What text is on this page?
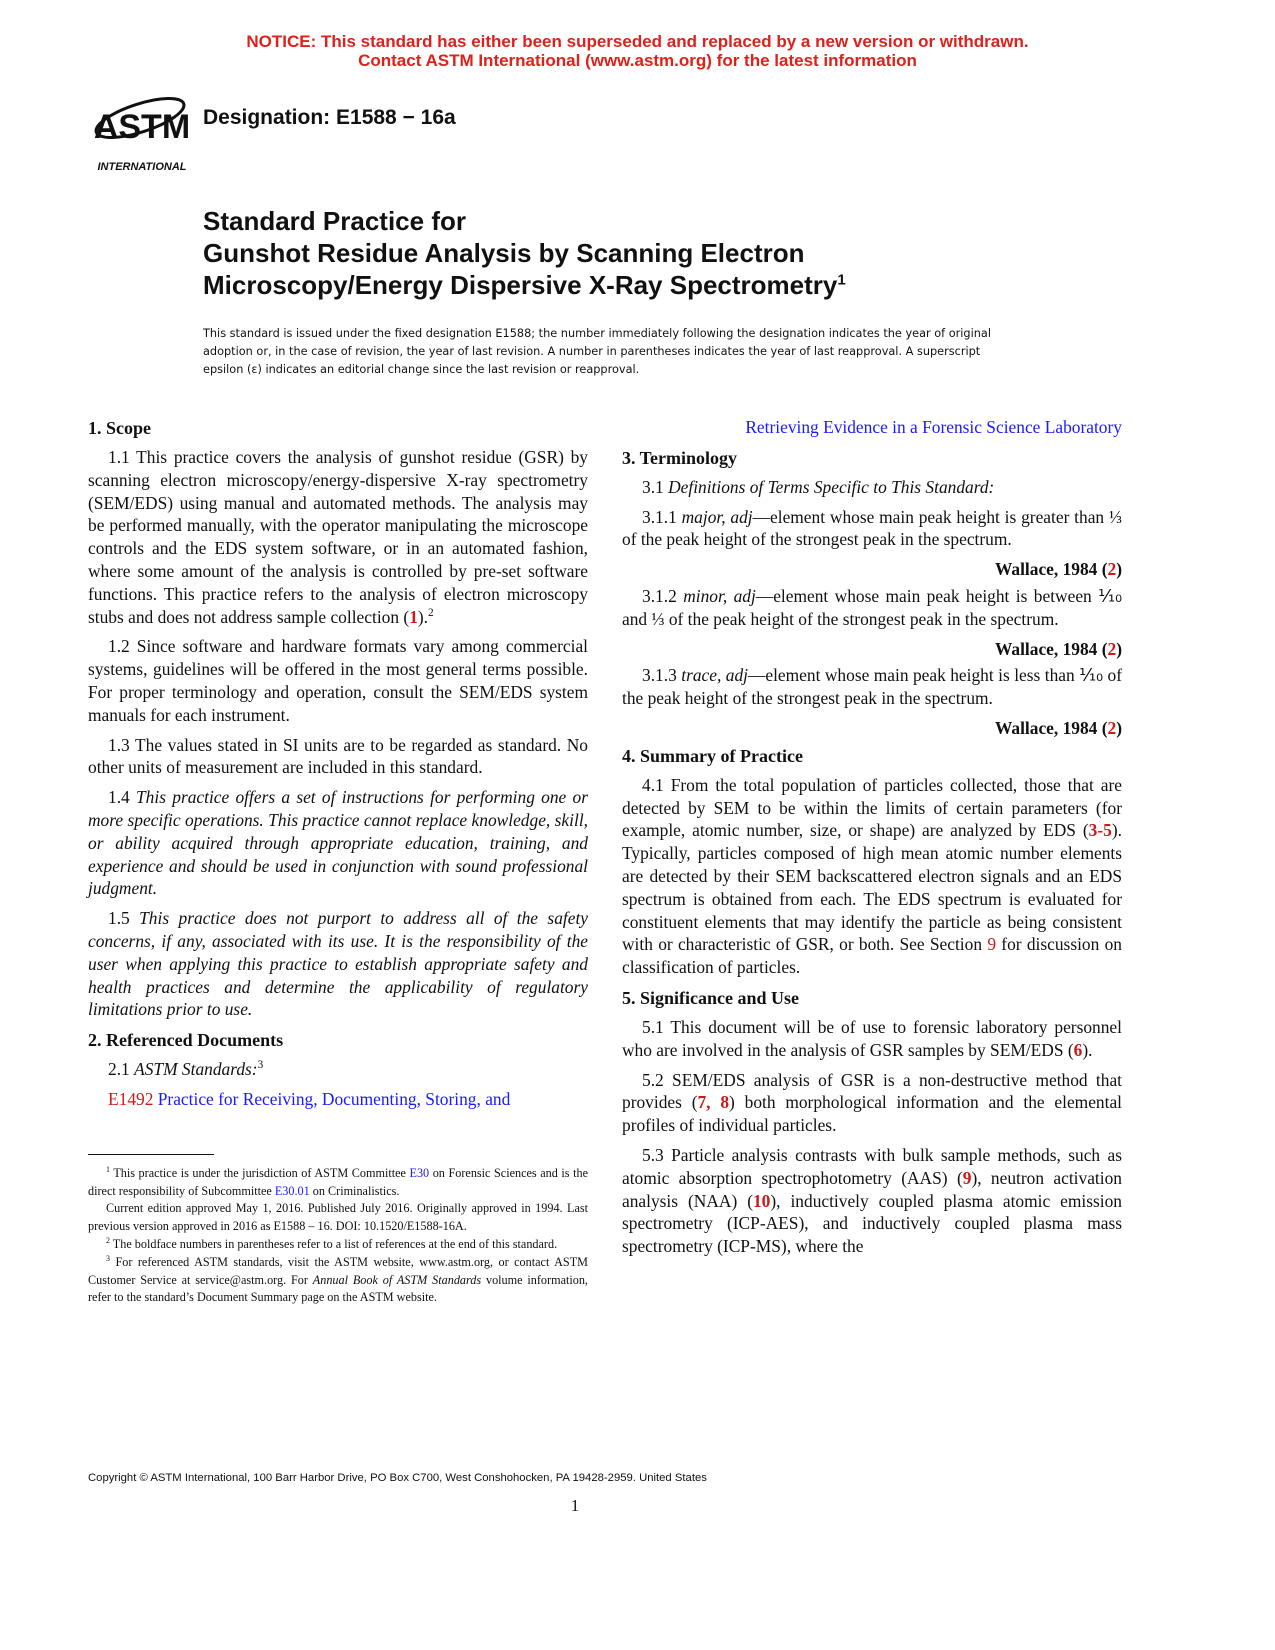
NOTICE: This standard has either been superseded and replaced by a new version or withdrawn.
Contact ASTM International (www.astm.org) for the latest information
ASTM
INTERNATIONAL
Designation: E1588 − 16a
Standard Practice for
Gunshot Residue Analysis by Scanning Electron
Microscopy/Energy Dispersive X-Ray Spectrometry$^1$
This standard is issued under the fixed designation E1588; the number immediately following the designation indicates the year of original adoption or, in the case of revision, the year of last revision. A number in parentheses indicates the year of last reapproval. A superscript epsilon (ε) indicates an editorial change since the last revision or reapproval.
1. Scope

1.1 This practice covers the analysis of gunshot residue (GSR) by scanning electron microscopy/energy-dispersive X-ray spectrometry (SEM/EDS) using manual and automated methods. The analysis may be performed manually, with the operator manipulating the microscope controls and the EDS system software, or in an automated fashion, where some amount of the analysis is controlled by pre-set software functions. This practice refers to the analysis of electron microscopy stubs and does not address sample collection (1).$^2$

1.2 Since software and hardware formats vary among commercial systems, guidelines will be offered in the most general terms possible. For proper terminology and operation, consult the SEM/EDS system manuals for each instrument.

1.3 The values stated in SI units are to be regarded as standard. No other units of measurement are included in this standard.

1.4 This practice offers a set of instructions for performing one or more specific operations. This practice cannot replace knowledge, skill, or ability acquired through appropriate education, training, and experience and should be used in conjunction with sound professional judgment.

1.5 This practice does not purport to address all of the safety concerns, if any, associated with its use. It is the responsibility of the user when applying this practice to establish appropriate safety and health practices and determine the applicability of regulatory limitations prior to use.

2. Referenced Documents

2.1 ASTM Standards:$^3$

E1492 Practice for Receiving, Documenting, Storing, and

$^1$ This practice is under the jurisdiction of ASTM Committee E30 on Forensic Sciences and is the direct responsibility of Subcommittee E30.01 on Criminalistics.

Current edition approved May 1, 2016. Published July 2016. Originally approved in 1994. Last previous version approved in 2016 as E1588 – 16. DOI: 10.1520/E1588-16A.

$^2$ The boldface numbers in parentheses refer to a list of references at the end of this standard.

$^3$ For referenced ASTM standards, visit the ASTM website, www.astm.org, or contact ASTM Customer Service at service@astm.org. For Annual Book of ASTM Standards volume information, refer to the standard’s Document Summary page on the ASTM website.

Retrieving Evidence in a Forensic Science Laboratory

3. Terminology

3.1 Definitions of Terms Specific to This Standard:

3.1.1 major, adj—element whose main peak height is greater than ⅓ of the peak height of the strongest peak in the spectrum.

Wallace, 1984 (2)

3.1.2 minor, adj—element whose main peak height is between ⅒ and ⅓ of the peak height of the strongest peak in the spectrum.

Wallace, 1984 (2)

3.1.3 trace, adj—element whose main peak height is less than ⅒ of the peak height of the strongest peak in the spectrum.

Wallace, 1984 (2)

4. Summary of Practice

4.1 From the total population of particles collected, those that are detected by SEM to be within the limits of certain parameters (for example, atomic number, size, or shape) are analyzed by EDS (3-5). Typically, particles composed of high mean atomic number elements are detected by their SEM backscattered electron signals and an EDS spectrum is obtained from each. The EDS spectrum is evaluated for constituent elements that may identify the particle as being consistent with or characteristic of GSR, or both. See Section 9 for discussion on classification of particles.

5. Significance and Use

5.1 This document will be of use to forensic laboratory personnel who are involved in the analysis of GSR samples by SEM/EDS (6).

5.2 SEM/EDS analysis of GSR is a non-destructive method that provides (7, 8) both morphological information and the elemental profiles of individual particles.

5.3 Particle analysis contrasts with bulk sample methods, such as atomic absorption spectrophotometry (AAS) (9), neutron activation analysis (NAA) (10), inductively coupled plasma atomic emission spectrometry (ICP-AES), and inductively coupled plasma mass spectrometry (ICP-MS), where the

Copyright © ASTM International, 100 Barr Harbor Drive, PO Box C700, West Conshohocken, PA 19428-2959. United States
1
